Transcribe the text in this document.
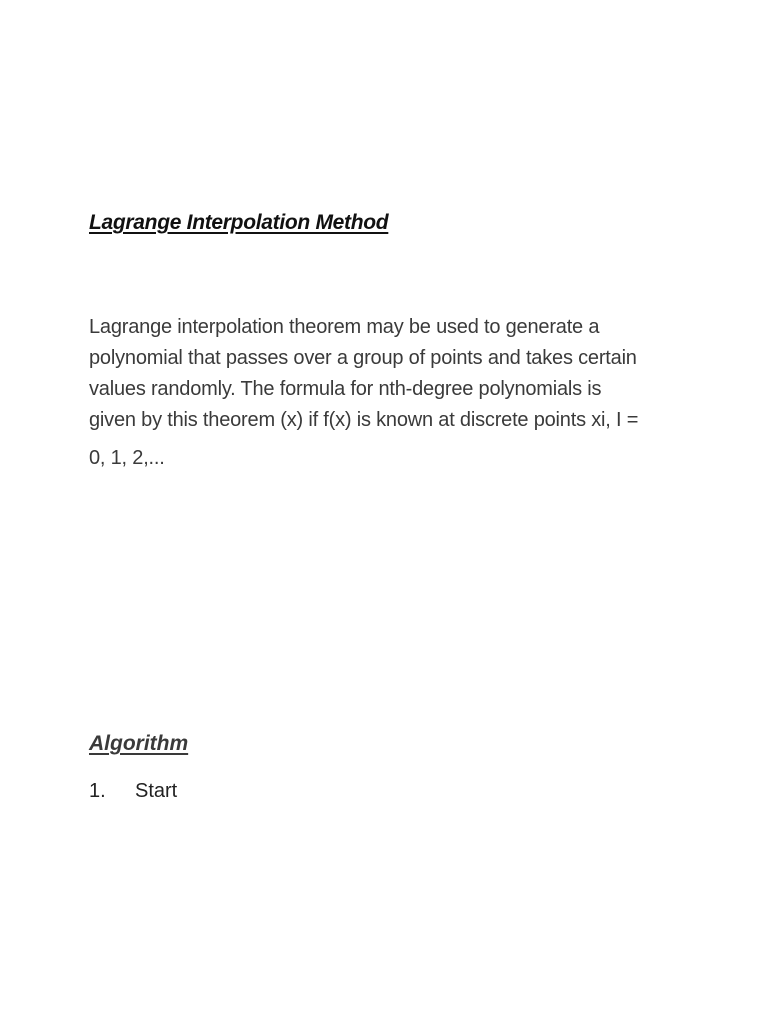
Lagrange Interpolation Method

Lagrange interpolation theorem may be used to generate a
polynomial that passes over a group of points and takes certain
values randomly. The formula for nth-degree polynomials is
given by this theorem (x) if f(x) is known at discrete points xi, I =
0, 1, 2,...

Algorithm
1.	Start
